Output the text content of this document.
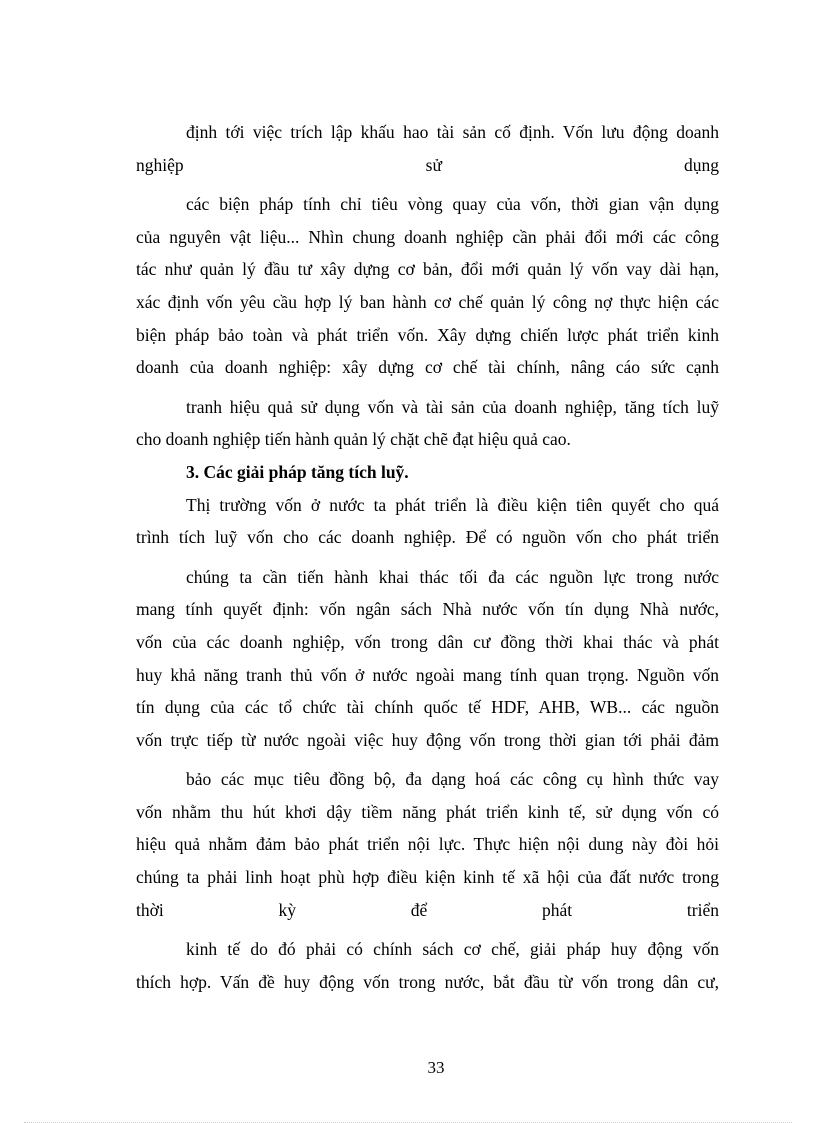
định tới việc trích lập khấu hao tài sản cố định. Vốn lưu động doanh
nghiệp sử dụng
các biện pháp tính chỉ tiêu vòng quay của vốn, thời gian vận dụng
của nguyên vật liệu... Nhìn chung doanh nghiệp cần phải đổi mới các công
tác như quản lý đầu tư xây dựng cơ bản, đổi mới quản lý vốn vay dài hạn,
xác định vốn yêu cầu hợp lý ban hành cơ chế quản lý công nợ thực hiện các
biện pháp bảo toàn và phát triển vốn. Xây dựng chiến lược phát triển kinh
doanh của doanh nghiệp: xây dựng cơ chế tài chính, nâng cáo sức cạnh
tranh hiệu quả sử dụng vốn và tài sản của doanh nghiệp, tăng tích luỹ
cho doanh nghiệp tiến hành quản lý chặt chẽ đạt hiệu quả cao.
3. Các giải pháp tăng tích luỹ.
Thị trường vốn ở nước ta phát triển là điều kiện tiên quyết cho quá
trình tích luỹ vốn cho các doanh nghiệp. Để có nguồn vốn cho phát triển
chúng ta cần tiến hành khai thác tối đa các nguồn lực trong nước
mang tính quyết định: vốn ngân sách Nhà nước vốn tín dụng Nhà nước,
vốn của các doanh nghiệp, vốn trong dân cư đồng thời khai thác và phát
huy khả năng tranh thủ vốn ở nước ngoài mang tính quan trọng. Nguồn vốn
tín dụng của các tổ chức tài chính quốc tế HDF, AHB, WB... các nguồn
vốn trực tiếp từ nước ngoài việc huy động vốn trong thời gian tới phải đảm
bảo các mục tiêu đồng bộ, đa dạng hoá các công cụ hình thức vay
vốn nhằm thu hút khơi dậy tiềm năng phát triển kinh tế, sử dụng vốn có
hiệu quả nhằm đảm bảo phát triển nội lực. Thực hiện nội dung này đòi hỏi
chúng ta phải linh hoạt phù hợp điều kiện kinh tế xã hội của đất nước trong
thời kỳ để phát triển
kinh tế do đó phải có chính sách cơ chế, giải pháp huy động vốn
thích hợp. Vấn đề huy động vốn trong nước, bắt đầu từ vốn trong dân cư,
33
